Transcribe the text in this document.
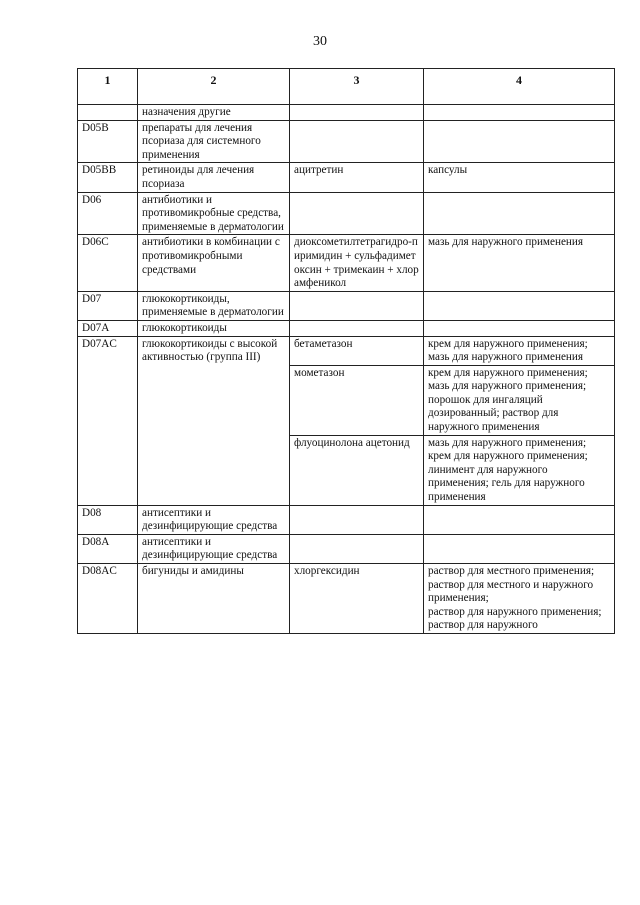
30
1	2	3	4
	назначения другие		
D05B	препараты для лечения псориаза для системного применения		
D05BB	ретиноиды для лечения псориаза	ацитретин	капсулы
D06	антибиотики и противомикробные средства, применяемые в дерматологии		
D06C	антибиотики в комбинации с противомикробными средствами	диоксометилтетрагидро-пиримидин + сульфадиметоксин + тримекаин + хлорамфеникол	мазь для наружного применения
D07	глюкокортикоиды, применяемые в дерматологии		
D07A	глюкокортикоиды		
D07AC	глюкокортикоиды с высокой активностью (группа III)	бетаметазон	крем для наружного применения;
мазь для наружного применения
		мометазон	крем для наружного применения; мазь для наружного применения; порошок для ингаляций дозированный; раствор для наружного применения
		флуоцинолона ацетонид	мазь для наружного применения; крем для наружного применения; линимент для наружного применения; гель для наружного применения
D08	антисептики и дезинфицирующие средства		
D08A	антисептики и дезинфицирующие средства		
D08AC	бигуниды и амидины	хлоргексидин	раствор для местного применения;
раствор для местного и наружного применения;
раствор для наружного применения;
раствор для наружного
